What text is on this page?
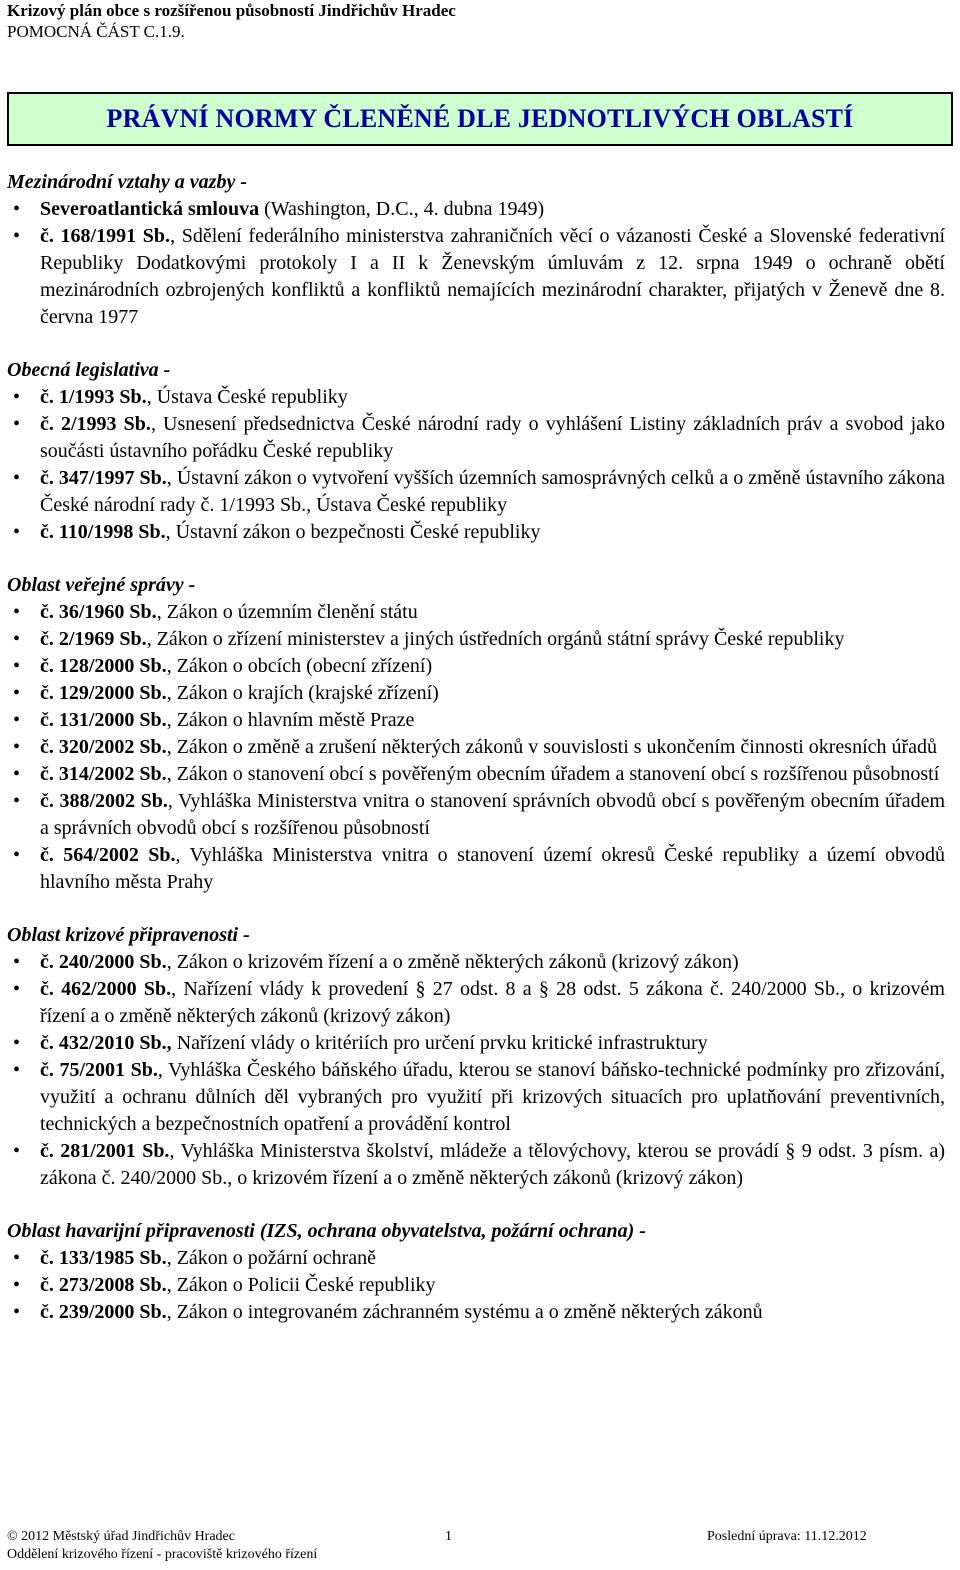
Krizový plán obce s rozšířenou působností Jindřichův Hradec
POMOCNÁ ČÁST C.1.9.
PRÁVNÍ NORMY ČLENĚNÉ DLE JEDNOTLIVÝCH OBLASTÍ
Mezinárodní vztahy a vazby -
• Severoatlantická smlouva (Washington, D.C., 4. dubna 1949)
• č. 168/1991 Sb., Sdělení federálního ministerstva zahraničních věcí o vázanosti České a Slovenské federativní Republiky Dodatkovými protokoly I a II k Ženevským úmluvám z 12. srpna 1949 o ochraně obětí mezinárodních ozbrojených konfliktů a konfliktů nemajících mezinárodní charakter, přijatých v Ženevě dne 8. června 1977
Obecná legislativa -
• č. 1/1993 Sb., Ústava České republiky
• č. 2/1993 Sb., Usnesení předsednictva České národní rady o vyhlášení Listiny základních práv a svobod jako součásti ústavního pořádku České republiky
• č. 347/1997 Sb., Ústavní zákon o vytvoření vyšších územních samosprávných celků a o změně ústavního zákona České národní rady č. 1/1993 Sb., Ústava České republiky
• č. 110/1998 Sb., Ústavní zákon o bezpečnosti České republiky
Oblast veřejné správy -
• č. 36/1960 Sb., Zákon o územním členění státu
• č. 2/1969 Sb., Zákon o zřízení ministerstev a jiných ústředních orgánů státní správy České republiky
• č. 128/2000 Sb., Zákon o obcích (obecní zřízení)
• č. 129/2000 Sb., Zákon o krajích (krajské zřízení)
• č. 131/2000 Sb., Zákon o hlavním městě Praze
• č. 320/2002 Sb., Zákon o změně a zrušení některých zákonů v souvislosti s ukončením činnosti okresních úřadů
• č. 314/2002 Sb., Zákon o stanovení obcí s pověřeným obecním úřadem a stanovení obcí s rozšířenou působností
• č. 388/2002 Sb., Vyhláška Ministerstva vnitra o stanovení správních obvodů obcí s pověřeným obecním úřadem a správních obvodů obcí s rozšířenou působností
• č. 564/2002 Sb., Vyhláška Ministerstva vnitra o stanovení území okresů České republiky a území obvodů hlavního města Prahy
Oblast krizové připravenosti -
• č. 240/2000 Sb., Zákon o krizovém řízení a o změně některých zákonů (krizový zákon)
• č. 462/2000 Sb., Nařízení vlády k provedení § 27 odst. 8 a § 28 odst. 5 zákona č. 240/2000 Sb., o krizovém řízení a o změně některých zákonů (krizový zákon)
• č. 432/2010 Sb., Nařízení vlády o kritériích pro určení prvku kritické infrastruktury
• č. 75/2001 Sb., Vyhláška Českého báňského úřadu, kterou se stanoví báňsko-technické podmínky pro zřizování, využití a ochranu důlních děl vybraných pro využití při krizových situacích pro uplatňování preventivních, technických a bezpečnostních opatření a provádění kontrol
• č. 281/2001 Sb., Vyhláška Ministerstva školství, mládeže a tělovýchovy, kterou se provádí § 9 odst. 3 písm. a) zákona č. 240/2000 Sb., o krizovém řízení a o změně některých zákonů (krizový zákon)
Oblast havarijní připravenosti (IZS, ochrana obyvatelstva, požární ochrana) -
• č. 133/1985 Sb., Zákon o požární ochraně
• č. 273/2008 Sb., Zákon o Policii České republiky
• č. 239/2000 Sb., Zákon o integrovaném záchranném systému a o změně některých zákonů
© 2012 Městský úřad Jindřichův Hradec	1	Poslední úprava: 11.12.2012
Oddělení krizového řízení - pracoviště krizového řízení
